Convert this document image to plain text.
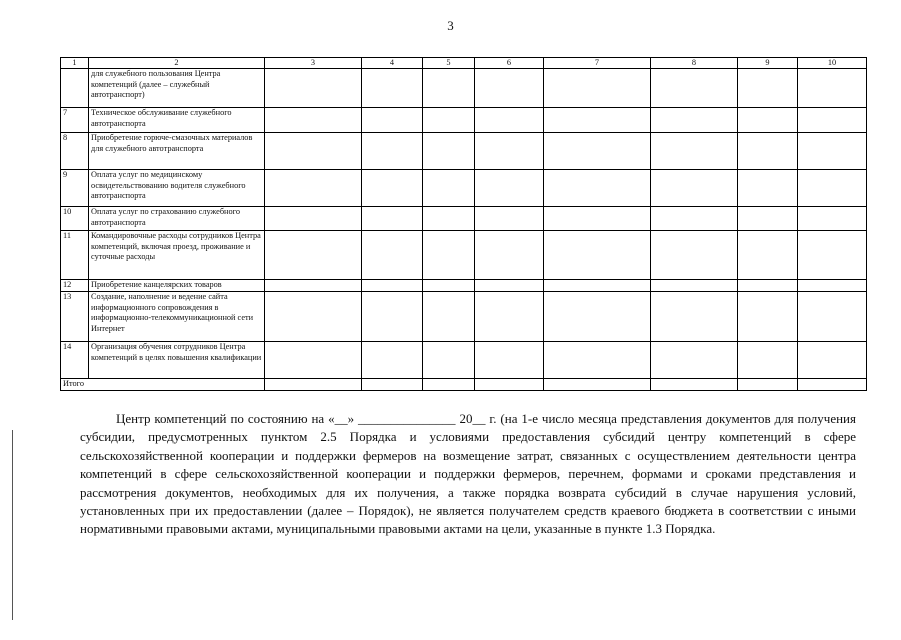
3
1	2	3	4	5	6	7	8	9	10
	для служебного пользования Центра компетенций (далее – служебный автотранспорт)								
7	Техническое обслуживание служебного автотранспорта								
8	Приобретение горюче-смазочных материалов для служебного автотранспорта								
9	Оплата услуг по медицинскому освидетельствованию водителя служебного автотранспорта								
10	Оплата услуг по страхованию служебного автотранспорта								
11	Командировочные расходы сотрудников Центра компетенций, включая проезд, проживание и суточные расходы								
12	Приобретение канцелярских товаров								
13	Создание, наполнение и ведение сайта информационного сопровождения в информационно-телекоммуникационной сети Интернет								
14	Организация обучения сотрудников Центра компетенций в целях повышения квалификации								
Итого									

Центр компетенций по состоянию на «__» _______________ 20__ г. (на 1-е число месяца представления документов для получения субсидии, предусмотренных пунктом 2.5 Порядка и условиями предоставления субсидий центру компетенций в сфере сельскохозяйственной кооперации и поддержки фермеров на возмещение затрат, связанных с осуществлением деятельности центра компетенций в сфере сельскохозяйственной кооперации и поддержки фермеров, перечнем, формами и сроками представления и рассмотрения документов, необходимых для их получения, а также порядка возврата субсидий в случае нарушения условий, установленных при их предоставлении (далее – Порядок), не является получателем средств краевого бюджета в соответствии с иными нормативными правовыми актами, муниципальными правовыми актами на цели, указанные в пункте 1.3 Порядка.
